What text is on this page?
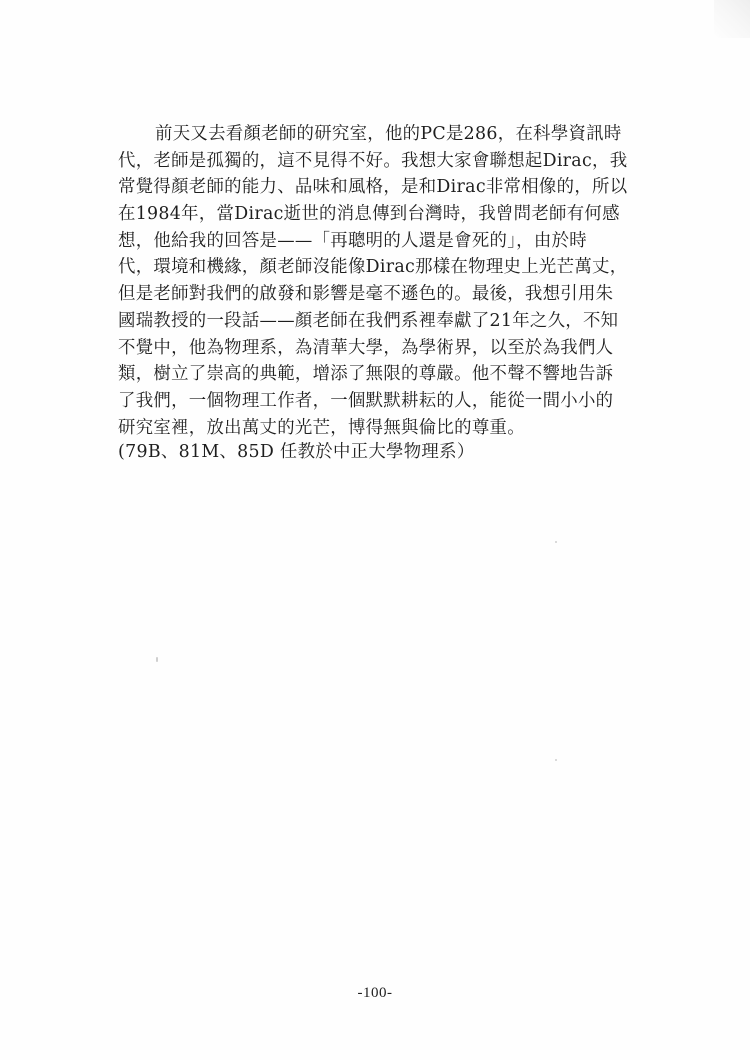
前天又去看顏老師的研究室，他的PC是286，在科學資訊時
代，老師是孤獨的，這不見得不好。我想大家會聯想起Dirac，我
常覺得顏老師的能力、品味和風格，是和Dirac非常相像的，所以
在1984年，當Dirac逝世的消息傳到台灣時，我曾問老師有何感
想，他給我的回答是——「再聰明的人還是會死的」，由於時
代，環境和機緣，顏老師沒能像Dirac那樣在物理史上光芒萬丈，
但是老師對我們的啟發和影響是毫不遜色的。最後，我想引用朱
國瑞教授的一段話——顏老師在我們系裡奉獻了21年之久，不知
不覺中，他為物理系，為清華大學，為學術界，以至於為我們人
類，樹立了崇高的典範，增添了無限的尊嚴。他不聲不響地告訴
了我們，一個物理工作者，一個默默耕耘的人，能從一間小小的
研究室裡，放出萬丈的光芒，博得無與倫比的尊重。
(79B、81M、85D 任教於中正大學物理系）
-100-
